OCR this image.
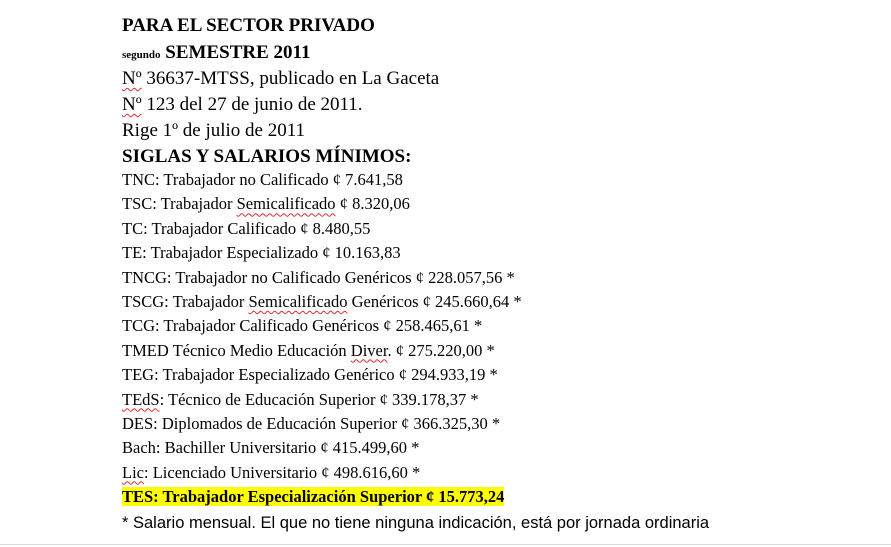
PARA EL SECTOR PRIVADO
segundo SEMESTRE 2011
Nº 36637-MTSS, publicado en La Gaceta
Nº 123 del 27 de junio de 2011.
Rige 1º de julio de 2011
SIGLAS Y SALARIOS MÍNIMOS:
TNC: Trabajador no Calificado ¢ 7.641,58
TSC: Trabajador Semicalificado ¢ 8.320,06
TC: Trabajador Calificado ¢ 8.480,55
TE: Trabajador Especializado ¢ 10.163,83
TNCG: Trabajador no Calificado Genéricos ¢ 228.057,56 *
TSCG: Trabajador Semicalificado Genéricos ¢ 245.660,64 *
TCG: Trabajador Calificado Genéricos ¢ 258.465,61 *
TMED Técnico Medio Educación Diver. ¢ 275.220,00 *
TEG: Trabajador Especializado Genérico ¢ 294.933,19 *
TEdS: Técnico de Educación Superior ¢ 339.178,37 *
DES: Diplomados de Educación Superior ¢ 366.325,30 *
Bach: Bachiller Universitario ¢ 415.499,60 *
Lic: Licenciado Universitario ¢ 498.616,60 *
TES: Trabajador Especialización Superior ¢ 15.773,24
* Salario mensual. El que no tiene ninguna indicación, está por jornada ordinaria
